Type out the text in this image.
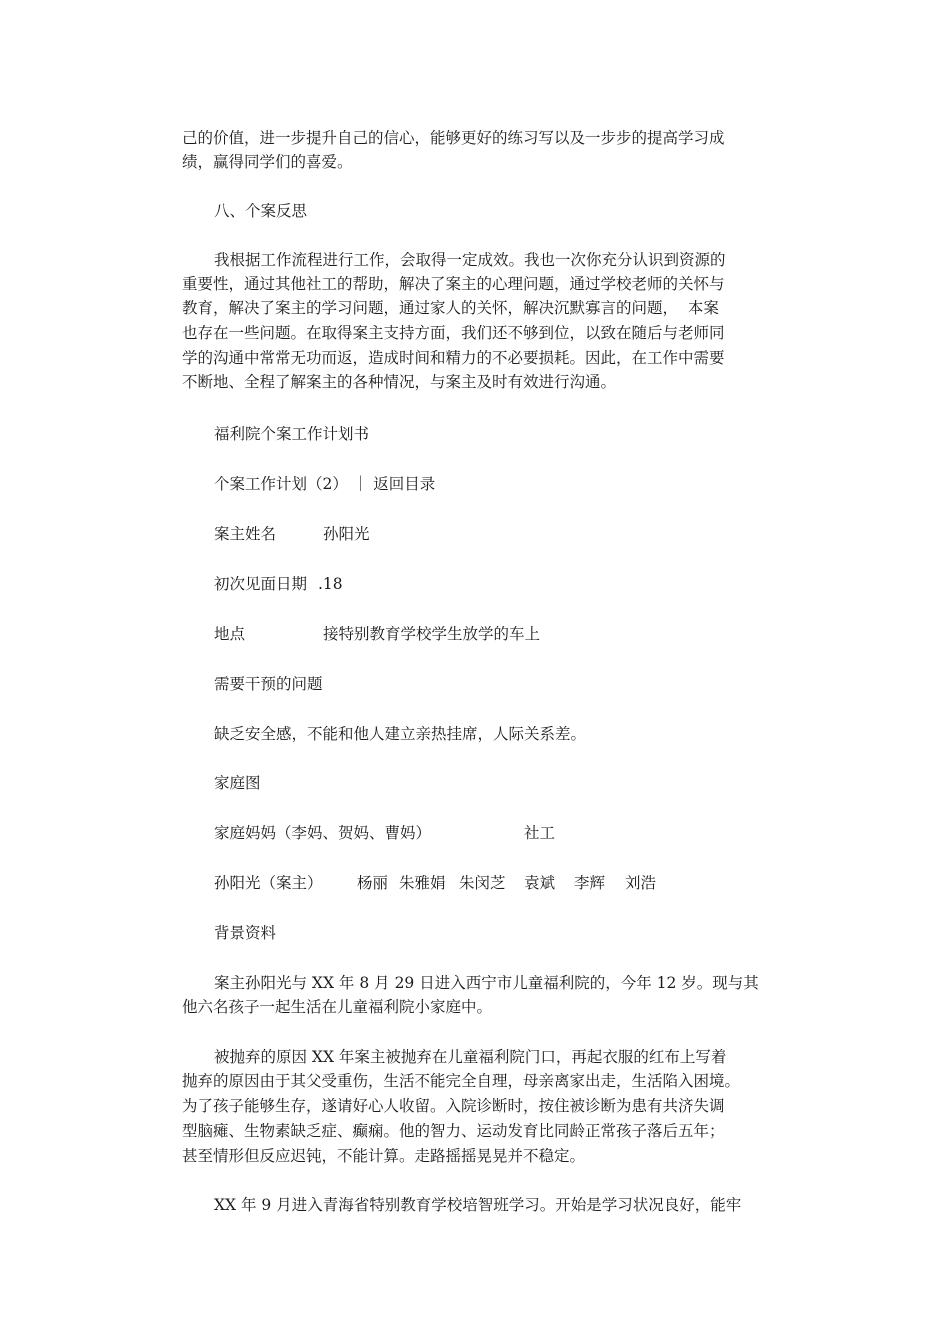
己的价值，进一步提升自己的信心，能够更好的练习写以及一步步的提高学习成
绩，赢得同学们的喜爱。
八、个案反思
我根据工作流程进行工作，会取得一定成效。我也一次你充分认识到资源的
重要性，通过其他社工的帮助，解决了案主的心理问题，通过学校老师的关怀与
教育，解决了案主的学习问题，通过家人的关怀，解决沉默寡言的问题，  本案
也存在一些问题。在取得案主支持方面，我们还不够到位，以致在随后与老师同
学的沟通中常常无功而返，造成时间和精力的不必要损耗。因此，在工作中需要
不断地、全程了解案主的各种情况，与案主及时有效进行沟通。
福利院个案工作计划书
个案工作计划（2） ｜ 返回目录
案主姓名	孙阳光
初次见面日期 .18
地点	接特别教育学校学生放学的车上
需要干预的问题
缺乏安全感，不能和他人建立亲热挂席，人际关系差。
家庭图
家庭妈妈（李妈、贺妈、曹妈）	社工
孙阳光（案主） 杨丽 朱雅娟 朱闵芝 袁斌 李辉 刘浩
背景资料
案主孙阳光与 XX 年 8 月 29 日进入西宁市儿童福利院的，今年 12 岁。现与其
他六名孩子一起生活在儿童福利院小家庭中。
被抛弃的原因 XX 年案主被抛弃在儿童福利院门口，再起衣服的红布上写着
抛弃的原因由于其父受重伤，生活不能完全自理，母亲离家出走，生活陷入困境。
为了孩子能够生存，遂请好心人收留。入院诊断时，按住被诊断为患有共济失调
型脑瘫、生物素缺乏症、癫痫。他的智力、运动发育比同龄正常孩子落后五年；
甚至情形但反应迟钝，不能计算。走路摇摇晃晃并不稳定。
XX 年 9 月进入青海省特别教育学校培智班学习。开始是学习状况良好，能牢
